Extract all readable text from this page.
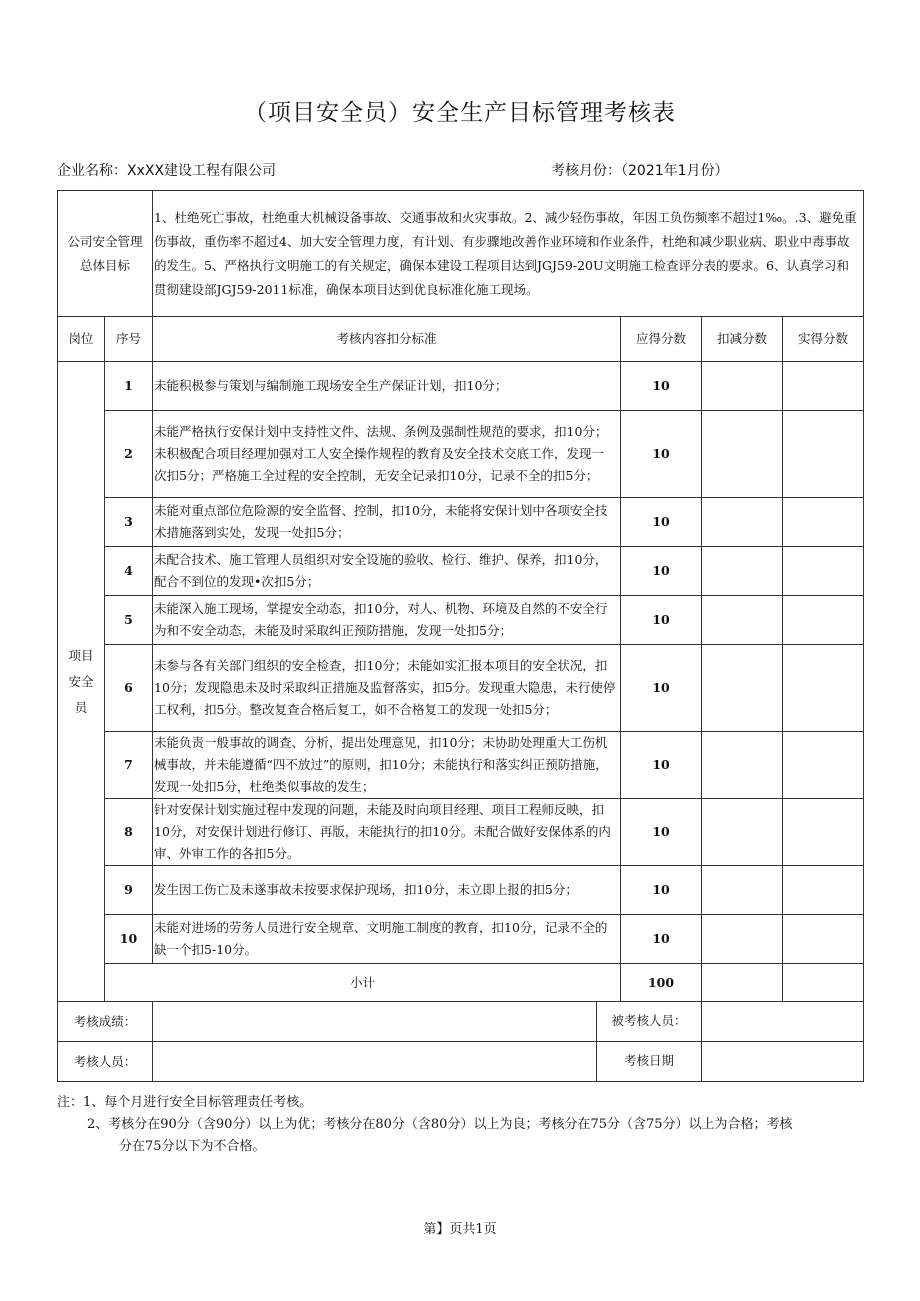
（项目安全员）安全生产目标管理考核表
企业名称：XxXX建设工程有限公司	考核月份：（2021年1月份）
公司安全管理总体目标		1、杜绝死亡事故，杜绝重大机械设备事故、交通事故和火灾事故。2、减少轻伤事故，年因工负伤频率不超过1‰。.3、避免重伤事故，重伤率不超过4、加大安全管理力度，有计划、有步骤地改善作业环境和作业条件，杜绝和减少职业病、职业中毒事故的发生。5、严格执行文明施工的有关规定，确保本建设工程项目达到JGJ59-20U文明施工检查评分表的要求。6、认真学习和贯彻建设部JGJ59-2011标准，确保本项目达到优良标准化施工现场。			
岗位	序号	考核内容扣分标准	应得分数	扣减分数	实得分数
项目安全员	1	未能积极参与策划与编制施工现场安全生产保证计划，扣10分；	10		
	2	未能严格执行安保计划中支持性文件、法规、条例及强制性规范的要求，扣10分；未积极配合项目经理加强对工人安全操作规程的教育及安全技术交底工作，发现一次扣5分；严格施工全过程的安全控制，无安全记录扣10分，记录不全的扣5分；	10		
	3	未能对重点部位危险源的安全监督、控制，扣10分，未能将安保计划中各项安全技术措施落到实处，发现一处扣5分；	10		
	4	未配合技术、施工管理人员组织对安全设施的验收、检行、维护、保养，扣10分，配合不到位的发现•次扣5分；	10		
	5	未能深入施工现场，掌提安全动态，扣10分，对人、机物、环境及自然的不安全行为和不安全动态，未能及时采取纠正预防措施，发现一处扣5分；	10		
	6	未参与各有关部门组织的安全检查，扣10分；未能如实汇报本项目的安全状况，扣10分；发现隐患未及时采取纠正措施及监督落实，扣5分。发现重大隐患，未行使停工权利，扣5分。整改复查合格后复工，如不合格复工的发现一处扣5分；	10		
	7	未能负责一般事故的调查、分析，提出处理意见，扣10分；未协助处理重大工伤机械事故，并未能遵循“四不放过”的原则，扣10分；未能执行和落实纠正预防措施，发现一处扣5分，杜绝类似事故的发生；	10		
	8	针对安保计划实施过程中发现的问题，未能及时向项目经理、项目工程师反映，扣10分，对安保计划进行修订、再版，未能执行的扣10分。未配合做好安保体系的内审、外审工作的各扣5分。	10		
	9	发生因工伤亡及未遂事故未按要求保护现场，扣10分，未立即上报的扣5分；	10		
	10	未能对进场的劳务人员进行安全规章、文明施工制度的教育，扣10分，记录不全的缺一个扣5-10分。	10		
	小计		100		
考核成绩：		被考核人员：			

考核人员：		考核日期			

注：1、每个月进行安全目标管理责任考核。
2、考核分在90分（含90分）以上为优；考核分在80分（含80分）以上为良；考核分在75分（含75分）以上为合格；考核
分在75分以下为不合格。
第】页共1页
